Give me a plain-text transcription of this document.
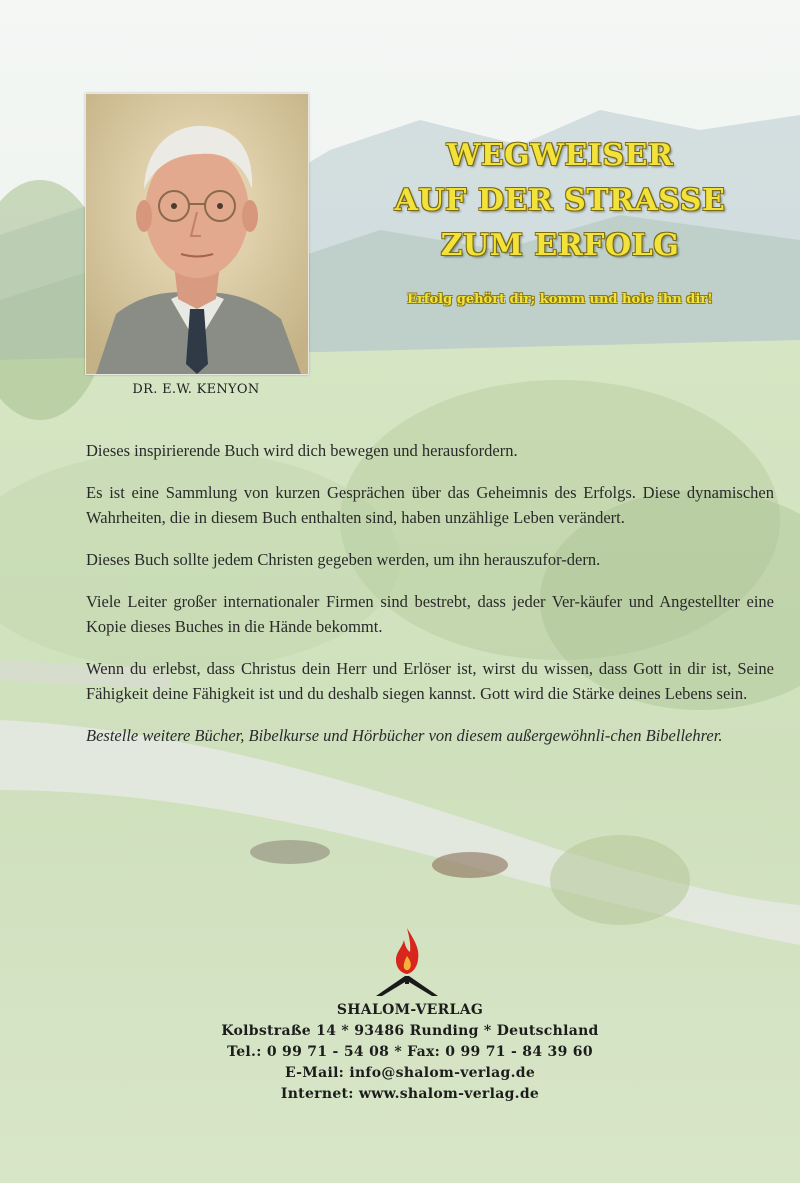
DR. E.W. KENYON
WEGWEISER
AUF DER STRASSE
ZUM ERFOLG
Erfolg gehört dir; komm und hole ihn dir!

Dieses inspirierende Buch wird dich bewegen und herausfordern.

Es ist eine Sammlung von kurzen Gesprächen über das Geheimnis des Erfolgs. Diese dynamischen Wahrheiten, die in diesem Buch enthalten sind, haben unzählige Leben verändert.

Dieses Buch sollte jedem Christen gegeben werden, um ihn herauszufor-dern.

Viele Leiter großer internationaler Firmen sind bestrebt, dass jeder Ver-käufer und Angestellter eine Kopie dieses Buches in die Hände bekommt.

Wenn du erlebst, dass Christus dein Herr und Erlöser ist, wirst du wissen, dass Gott in dir ist, Seine Fähigkeit deine Fähigkeit ist und du deshalb siegen kannst. Gott wird die Stärke deines Lebens sein.

Bestelle weitere Bücher, Bibelkurse und Hörbücher von diesem außergewöhnli-chen Bibellehrer.

SHALOM-VERLAG
Kolbstraße 14 * 93486 Runding * Deutschland
Tel.: 0 99 71 - 54 08 * Fax: 0 99 71 - 84 39 60
E-Mail: info@shalom-verlag.de
Internet: www.shalom-verlag.de
